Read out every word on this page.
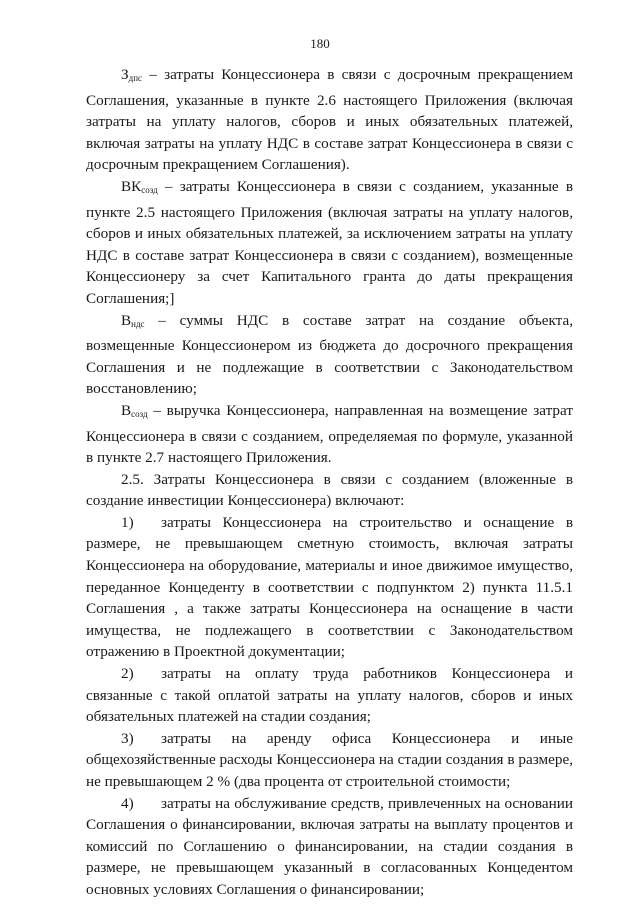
180

$З_{дпс}$ – затраты Концессионера в связи с досрочным прекращением Соглашения, указанные в пункте 2.6 настоящего Приложения (включая затраты на уплату налогов, сборов и иных обязательных платежей, включая затраты на уплату НДС в составе затрат Концессионера в связи с досрочным прекращением Соглашения).

$ВК_{созд}$ – затраты Концессионера в связи с созданием, указанные в пункте 2.5 настоящего Приложения (включая затраты на уплату налогов, сборов и иных обязательных платежей, за исключением затраты на уплату НДС в составе затрат Концессионера в связи с созданием), возмещенные Концессионеру за счет Капитального гранта до даты прекращения Соглашения;]

$В_{ндс}$ – суммы НДС в составе затрат на создание объекта, возмещенные Концессионером из бюджета до досрочного прекращения Соглашения и не подлежащие в соответствии с Законодательством восстановлению;

$В_{созд}$ – выручка Концессионера, направленная на возмещение затрат Концессионера в связи с созданием, определяемая по формуле, указанной в пункте 2.7 настоящего Приложения.

2.5. Затраты Концессионера в связи с созданием (вложенные в создание инвестиции Концессионера) включают:

1) затраты Концессионера на строительство и оснащение в размере, не превышающем сметную стоимость, включая затраты Концессионера на оборудование, материалы и иное движимое имущество, переданное Концеденту в соответствии с подпунктом 2) пункта 11.5.1 Соглашения , а также затраты Концессионера на оснащение в части имущества, не подлежащего в соответствии с Законодательством отражению в Проектной документации;

2) затраты на оплату труда работников Концессионера и связанные с такой оплатой затраты на уплату налогов, сборов и иных обязательных платежей на стадии создания;

3) затраты на аренду офиса Концессионера и иные общехозяйственные расходы Концессионера на стадии создания в размере, не превышающем 2 % (два процента от строительной стоимости;

4) затраты на обслуживание средств, привлеченных на основании Соглашения о финансировании, включая затраты на выплату процентов и комиссий по Соглашению о финансировании, на стадии создания в размере, не превышающем указанный в согласованных Концедентом основных условиях Соглашения о финансировании;
